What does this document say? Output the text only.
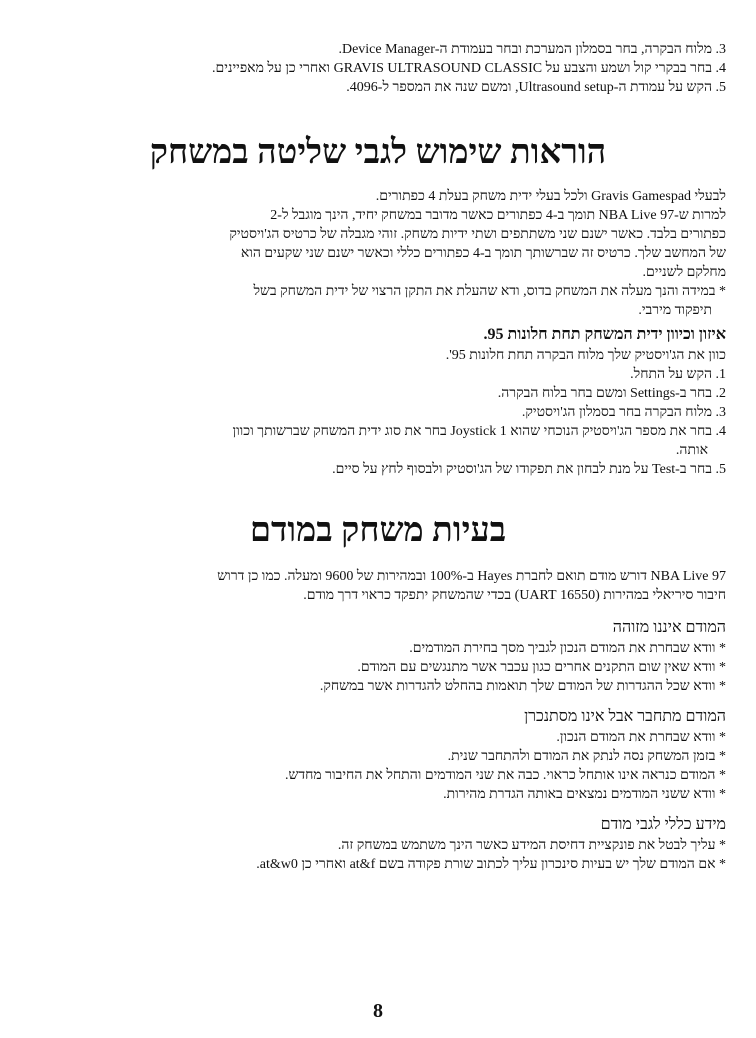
3. מלוח הבקרה, בחר בסמלון המערכת ובחר בעמודת ה-Device Manager.
4. בחר בבקרי קול ושמע והצבע על GRAVIS ULTRASOUND CLASSIC ואחרי כן על מאפיינים.
5. הקש על עמודת ה-Ultrasound setup, ומשם שנה את המספר ל-4096.
הוראות שימוש לגבי שליטה במשחק
לבעלי Gravis Gamespad ולכל בעלי ידית משחק בעלת 4 כפתורים.
למרות ש-NBA Live 97 תומך ב-4 כפתורים כאשר מדובר במשחק יחיד, הינך מוגבל ל-2
כפתורים בלבד. כאשר ישנם שני משתתפים ושתי ידיות משחק. זוהי מגבלה של כרטיס הג'ויסטיק
של המחשב שלך. כרטיס זה שברשותך תומך ב-4 כפתורים כללי וכאשר ישנם שני שקעים הוא
מחלקם לשניים.
* במידה והנך מעלה את המשחק בדוס, ודא שהעלת את התקן הרצוי של ידית המשחק בשל
תיפקוד מירבי.
איזון וכיוון ידית המשחק תחת חלונות 95.
כוון את הג'ויסטיק שלך מלוח הבקרה תחת חלונות 95'.
1. הקש על התחל.
2. בחר ב-Settings ומשם בחר בלוח הבקרה.
3. מלוח הבקרה בחר בסמלון הג'ויסטיק.
4. בחר את מספר הג'ויסטיק הנוכחי שהוא Joystick 1 בחר את סוג ידית המשחק שברשותך וכוון
אותה.
5. בחר ב-Test על מנת לבחון את תפקודו של הג'וסטיק ולבסוף לחץ על סיים.
בעיות משחק במודם
NBA Live 97 דורש מודם תואם לחברת Hayes ב-100% ובמהירות של 9600 ומעלה. כמו כן דרוש
חיבור סיריאלי במהירות (16550 UART) בכדי שהמשחק יתפקד כראוי דרך מודם.
המודם איננו מזוהה
* וודא שבחרת את המודם הנכון לגביך מסך בחירת המודמים.
* וודא שאין שום התקנים אחרים כגון עכבר אשר מתנגשים עם המודם.
* וודא שכל ההגדרות של המודם שלך תואמות בהחלט להגדרות אשר במשחק.
המודם מתחבר אבל אינו מסתנכרן
* וודא שבחרת את המודם הנכון.
* בזמן המשחק נסה לנתק את המודם ולהתחבר שנית.
* המודם כנראה אינו אותחל כראוי. כבה את שני המודמים והתחל את החיבור מחדש.
* וודא ששני המודמים נמצאים באותה הגדרת מהירות.
מידע כללי לגבי מודם
* עליך לבטל את פונקציית דחיסת המידע כאשר הינך משתמש במשחק זה.
* אם המודם שלך יש בעיות סינכרון עליך לכתוב שורת פקודה בשם at&f ואחרי כן at&w0.
8
